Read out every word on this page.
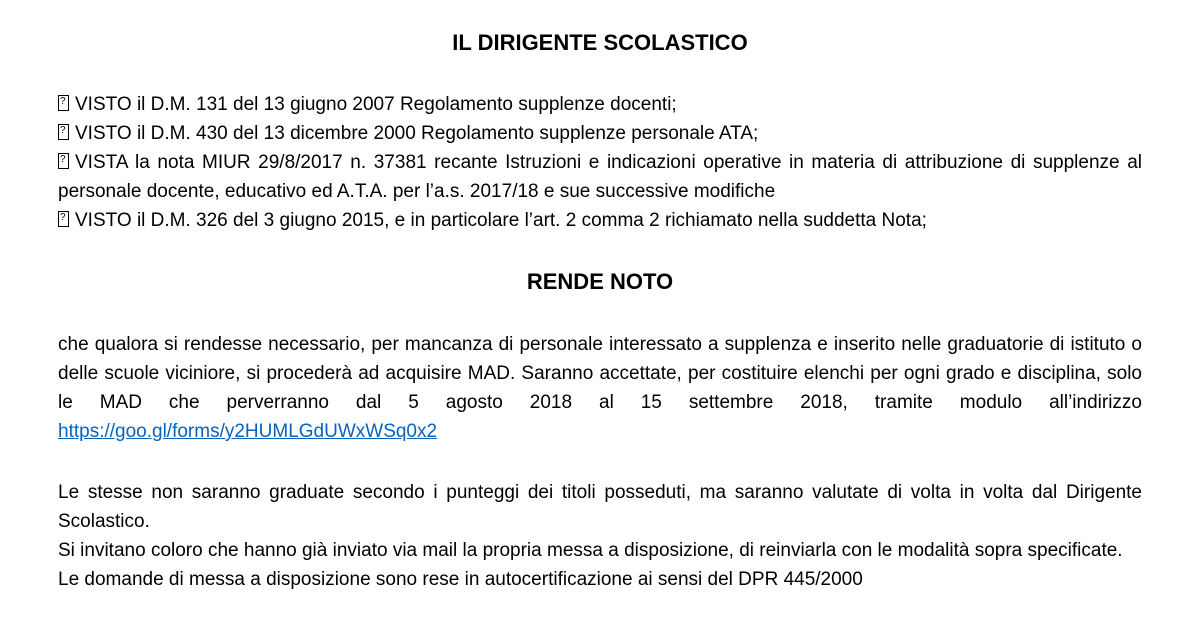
IL DIRIGENTE SCOLASTICO
?VISTO il D.M. 131 del 13 giugno 2007 Regolamento supplenze docenti;
?VISTO il D.M. 430 del 13 dicembre 2000 Regolamento supplenze personale ATA;
?VISTA la nota MIUR 29/8/2017 n. 37381 recante Istruzioni e indicazioni operative in materia di attribuzione di supplenze al personale docente, educativo ed A.T.A. per l’a.s. 2017/18 e sue successive modifiche
?VISTO il D.M. 326 del 3 giugno 2015, e in particolare l’art. 2 comma 2 richiamato nella suddetta Nota;
RENDE NOTO
che qualora si rendesse necessario, per mancanza di personale interessato a supplenza e inserito nelle graduatorie di istituto o delle scuole viciniore, si procederà ad acquisire MAD. Saranno accettate, per costituire elenchi per ogni grado e disciplina, solo le MAD che perverranno dal 5 agosto 2018 al 15 settembre 2018, tramite modulo all’indirizzo https://goo.gl/forms/y2HUMLGdUWxWSq0x2
Le stesse non saranno graduate secondo i punteggi dei titoli posseduti, ma saranno valutate di volta in volta dal Dirigente Scolastico.
Si invitano coloro che hanno già inviato via mail la propria messa a disposizione, di reinviarla con le modalità sopra specificate.
Le domande di messa a disposizione sono rese in autocertificazione ai sensi del DPR 445/2000
